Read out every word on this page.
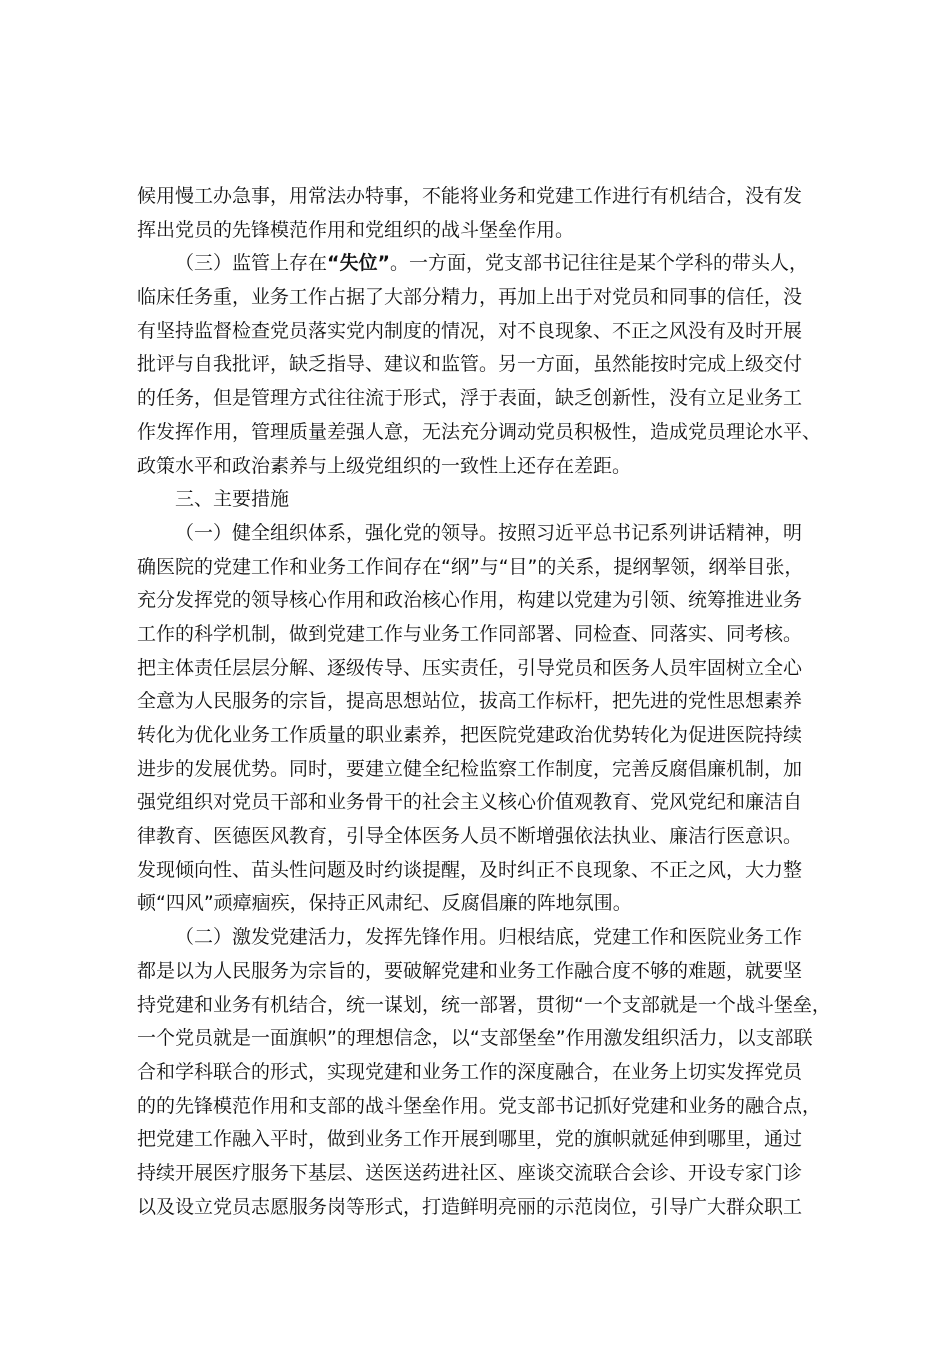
候用慢工办急事，用常法办特事，不能将业务和党建工作进行有机结合，没有发
挥出党员的先锋模范作用和党组织的战斗堡垒作用。
（三）监管上存在“失位”。一方面，党支部书记往往是某个学科的带头人，
临床任务重，业务工作占据了大部分精力，再加上出于对党员和同事的信任，没
有坚持监督检查党员落实党内制度的情况，对不良现象、不正之风没有及时开展
批评与自我批评，缺乏指导、建议和监管。另一方面，虽然能按时完成上级交付
的任务，但是管理方式往往流于形式，浮于表面，缺乏创新性，没有立足业务工
作发挥作用，管理质量差强人意，无法充分调动党员积极性，造成党员理论水平、
政策水平和政治素养与上级党组织的一致性上还存在差距。
三、主要措施
（一）健全组织体系，强化党的领导。按照习近平总书记系列讲话精神，明
确医院的党建工作和业务工作间存在“纲”与“目”的关系，提纲挈领，纲举目张，
充分发挥党的领导核心作用和政治核心作用，构建以党建为引领、统筹推进业务
工作的科学机制，做到党建工作与业务工作同部署、同检查、同落实、同考核。
把主体责任层层分解、逐级传导、压实责任，引导党员和医务人员牢固树立全心
全意为人民服务的宗旨，提高思想站位，拔高工作标杆，把先进的党性思想素养
转化为优化业务工作质量的职业素养，把医院党建政治优势转化为促进医院持续
进步的发展优势。同时，要建立健全纪检监察工作制度，完善反腐倡廉机制，加
强党组织对党员干部和业务骨干的社会主义核心价值观教育、党风党纪和廉洁自
律教育、医德医风教育，引导全体医务人员不断增强依法执业、廉洁行医意识。
发现倾向性、苗头性问题及时约谈提醒，及时纠正不良现象、不正之风，大力整
顿“四风”顽瘴痼疾，保持正风肃纪、反腐倡廉的阵地氛围。
（二）激发党建活力，发挥先锋作用。归根结底，党建工作和医院业务工作
都是以为人民服务为宗旨的，要破解党建和业务工作融合度不够的难题，就要坚
持党建和业务有机结合，统一谋划，统一部署，贯彻“一个支部就是一个战斗堡垒，
一个党员就是一面旗帜”的理想信念，以“支部堡垒”作用激发组织活力，以支部联
合和学科联合的形式，实现党建和业务工作的深度融合，在业务上切实发挥党员
的的先锋模范作用和支部的战斗堡垒作用。党支部书记抓好党建和业务的融合点，
把党建工作融入平时，做到业务工作开展到哪里，党的旗帜就延伸到哪里，通过
持续开展医疗服务下基层、送医送药进社区、座谈交流联合会诊、开设专家门诊
以及设立党员志愿服务岗等形式，打造鲜明亮丽的示范岗位，引导广大群众职工
